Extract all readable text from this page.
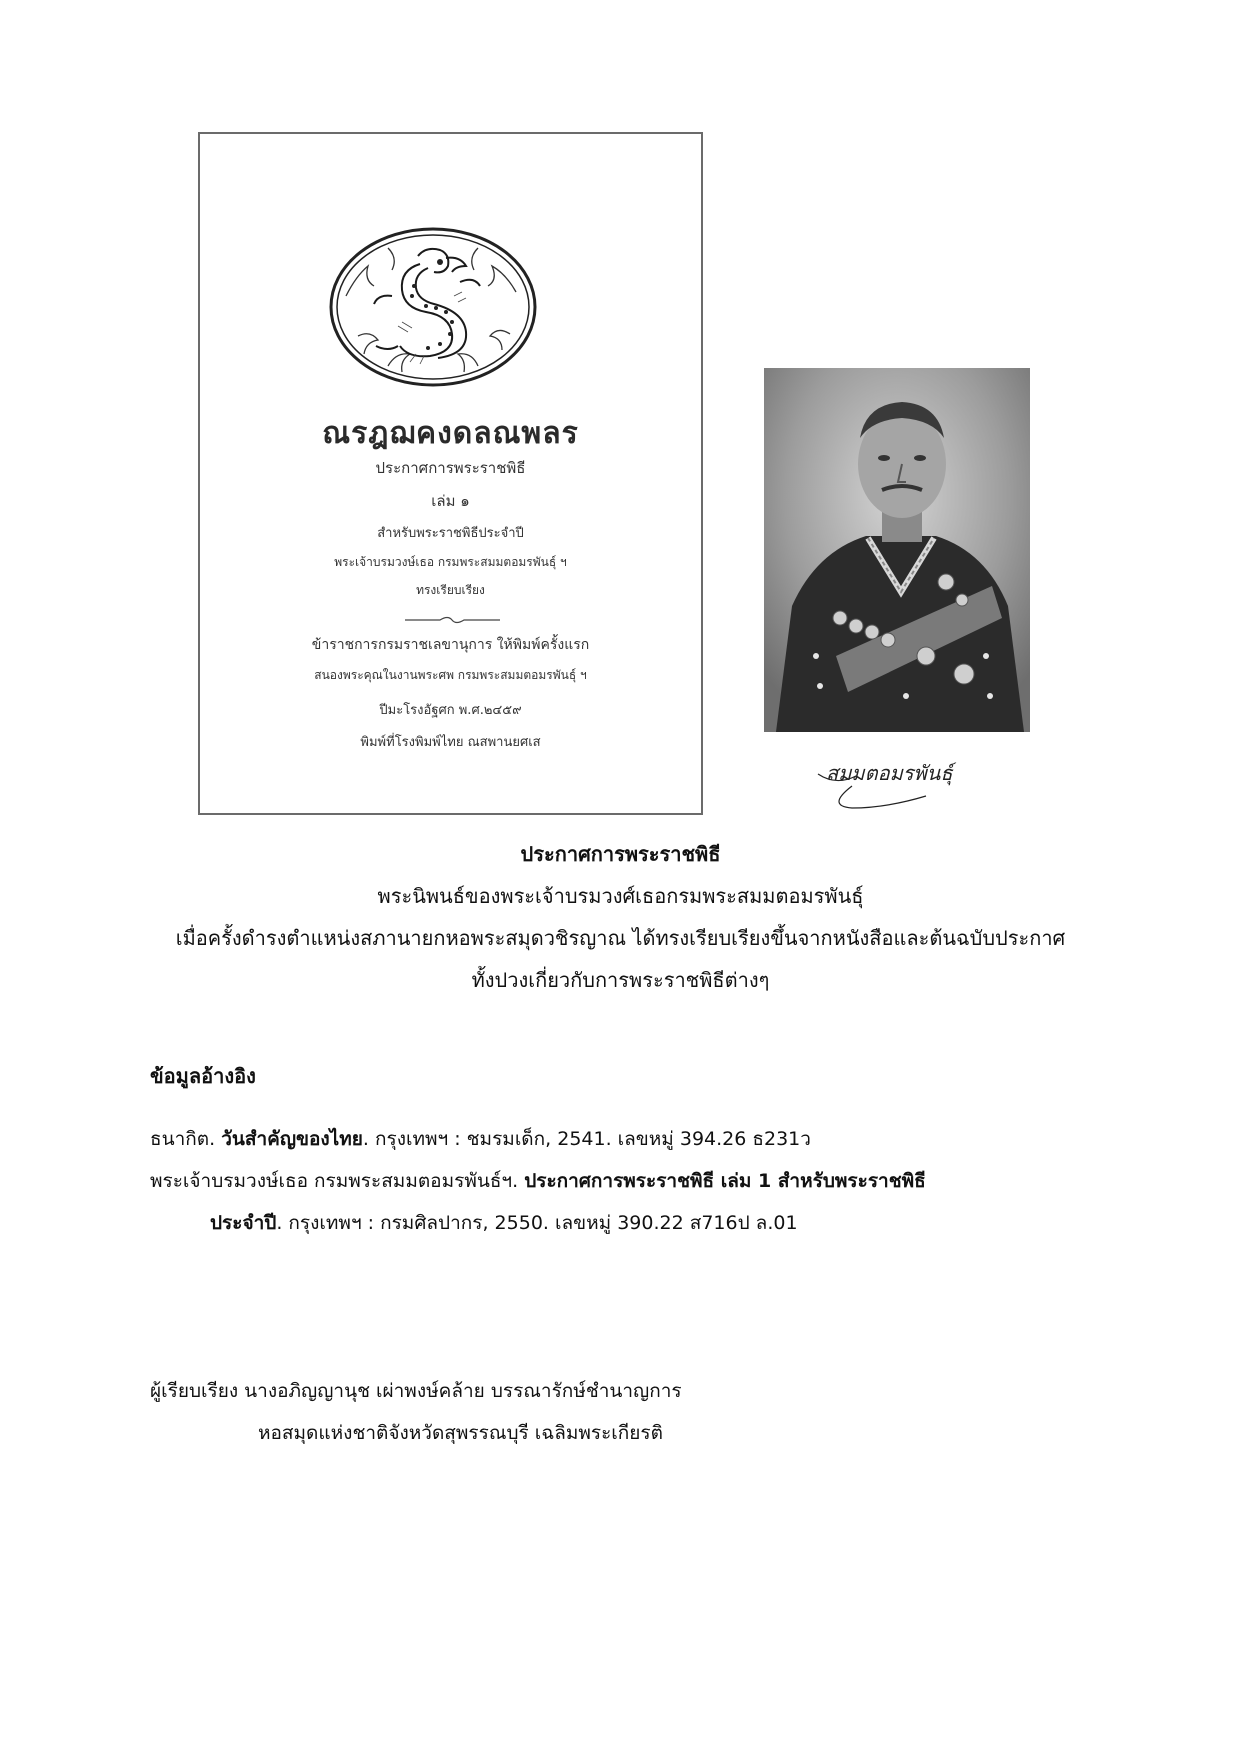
ณรฎฌคงดลณพลร
ประกาศการพระราชพิธี
เล่ม ๑
สำหรับพระราชพิธีประจำปี
พระเจ้าบรมวงษ์เธอ กรมพระสมมตอมรพันธุ์ ฯ
ทรงเรียบเรียง
ข้าราชการกรมราชเลขานุการ ให้พิมพ์ครั้งแรก
สนองพระคุณในงานพระศพ กรมพระสมมตอมรพันธุ์ ฯ
ปีมะโรงอัฐศก พ.ศ.๒๔๕๙
พิมพ์ที่โรงพิมพ์ไทย ณสพานยศเส
สมมตอมรพันธุ์
ประกาศการพระราชพิธี
พระนิพนธ์ของพระเจ้าบรมวงศ์เธอกรมพระสมมตอมรพันธุ์
เมื่อครั้งดำรงตำแหน่งสภานายกหอพระสมุดวชิรญาณ ได้ทรงเรียบเรียงขึ้นจากหนังสือและต้นฉบับประกาศ
ทั้งปวงเกี่ยวกับการพระราชพิธีต่างๆ
ข้อมูลอ้างอิง
ธนากิต. วันสำคัญของไทย. กรุงเทพฯ : ชมรมเด็ก, 2541. เลขหมู่ 394.26 ธ231ว
พระเจ้าบรมวงษ์เธอ กรมพระสมมตอมรพันธ์ฯ. ประกาศการพระราชพิธี เล่ม 1 สำหรับพระราชพิธี
ประจำปี. กรุงเทพฯ : กรมศิลปากร, 2550. เลขหมู่ 390.22 ส716ป ล.01
ผู้เรียบเรียง นางอภิญญานุช เผ่าพงษ์คล้าย บรรณารักษ์ชำนาญการ
หอสมุดแห่งชาติจังหวัดสุพรรณบุรี เฉลิมพระเกียรติ
